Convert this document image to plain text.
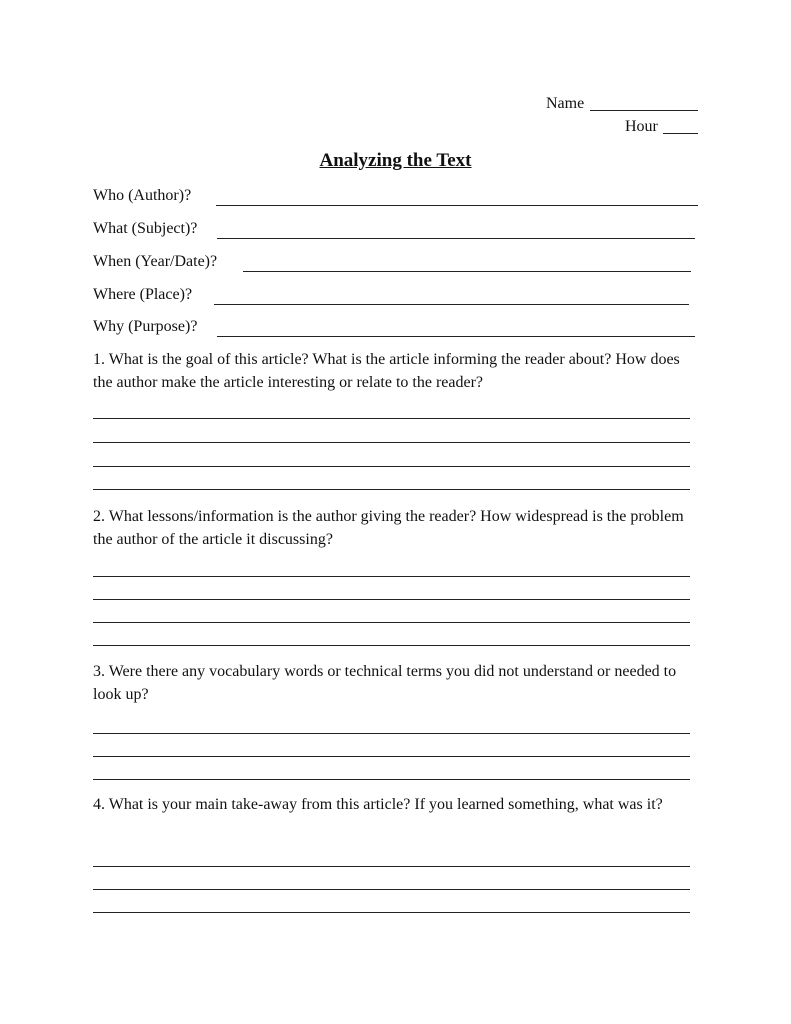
Name
Hour
Analyzing the Text
Who (Author)?
What (Subject)?
When (Year/Date)?
Where (Place)?
Why (Purpose)?
1. What is the goal of this article? What is the article informing the reader about? How does the author make the article interesting or relate to the reader?
2. What lessons/information is the author giving the reader? How widespread is the problem the author of the article it discussing?
3. Were there any vocabulary words or technical terms you did not understand or needed to look up?
4. What is your main take-away from this article? If you learned something, what was it?
